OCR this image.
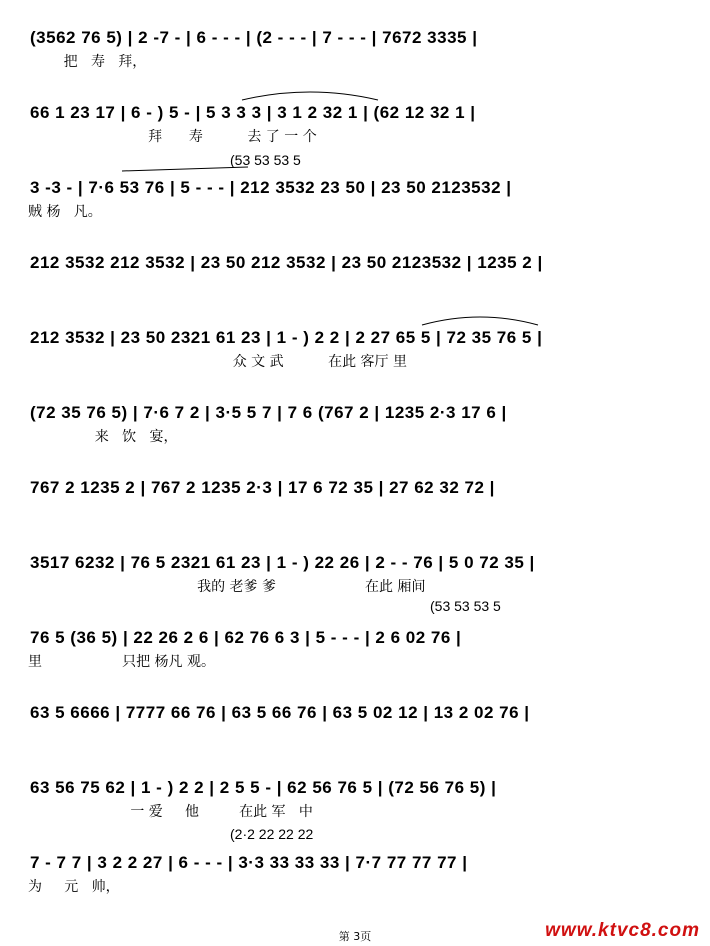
(3562 76 5) | 2 -7 - | 6 - - - | (2 - - - | 7 - - - | 7672 3335 |
把   寿   拜，
66 1 23 17 | 6 - ) 5 - | 5 3 3 3 | 3 1 2 32 1 | (62 12 32 1 |
拜      寿          去 了 一 个
(53 53 53 5
3 -3 - | 7·6 53 76 | 5 - - - | 212 3532 23 50 | 23 50 2123532 |
贼 杨   凡。
212 3532 212 3532 | 23 50 212 3532 | 23 50 2123532 | 1235 2 |
212 3532 | 23 50 2321 61 23 | 1 - ) 2 2 | 2 27 65 5 | 72 35 76 5 |
众 文 武          在此 客厅 里
(72 35 76 5) | 7·6 7 2 | 3·5 5 7 | 7 6 (767 2 | 1235 2·3 17 6 |
来   饮   宴，
767 2 1235 2 | 767 2 1235 2·3 | 17 6 72 35 | 27 62 32 72 |
3517 6232 | 76 5 2321 61 23 | 1 - ) 22 26 | 2 - - 76 | 5 0 72 35 |
我的 老爹 爹                    在此 厢间
(53 53 53 5
76 5 (36 5) | 22 26 2 6 | 62 76 6 3 | 5 - - - | 2 6 02 76 |
里                  只把 杨凡 观。
63 5 6666 | 7777 66 76 | 63 5 66 76 | 63 5 02 12 | 13 2 02 76 |
63 56 75 62 | 1 - ) 2 2 | 2 5 5 - | 62 56 76 5 | (72 56 76 5) |
一 爱     他         在此 军   中
(2·2 22 22 22
7 - 7 7 | 3 2 2 27 | 6 - - - | 3·3 33 33 33 | 7·7 77 77 77 |
为     元   帅，
第 3页	www.ktvc8.com
